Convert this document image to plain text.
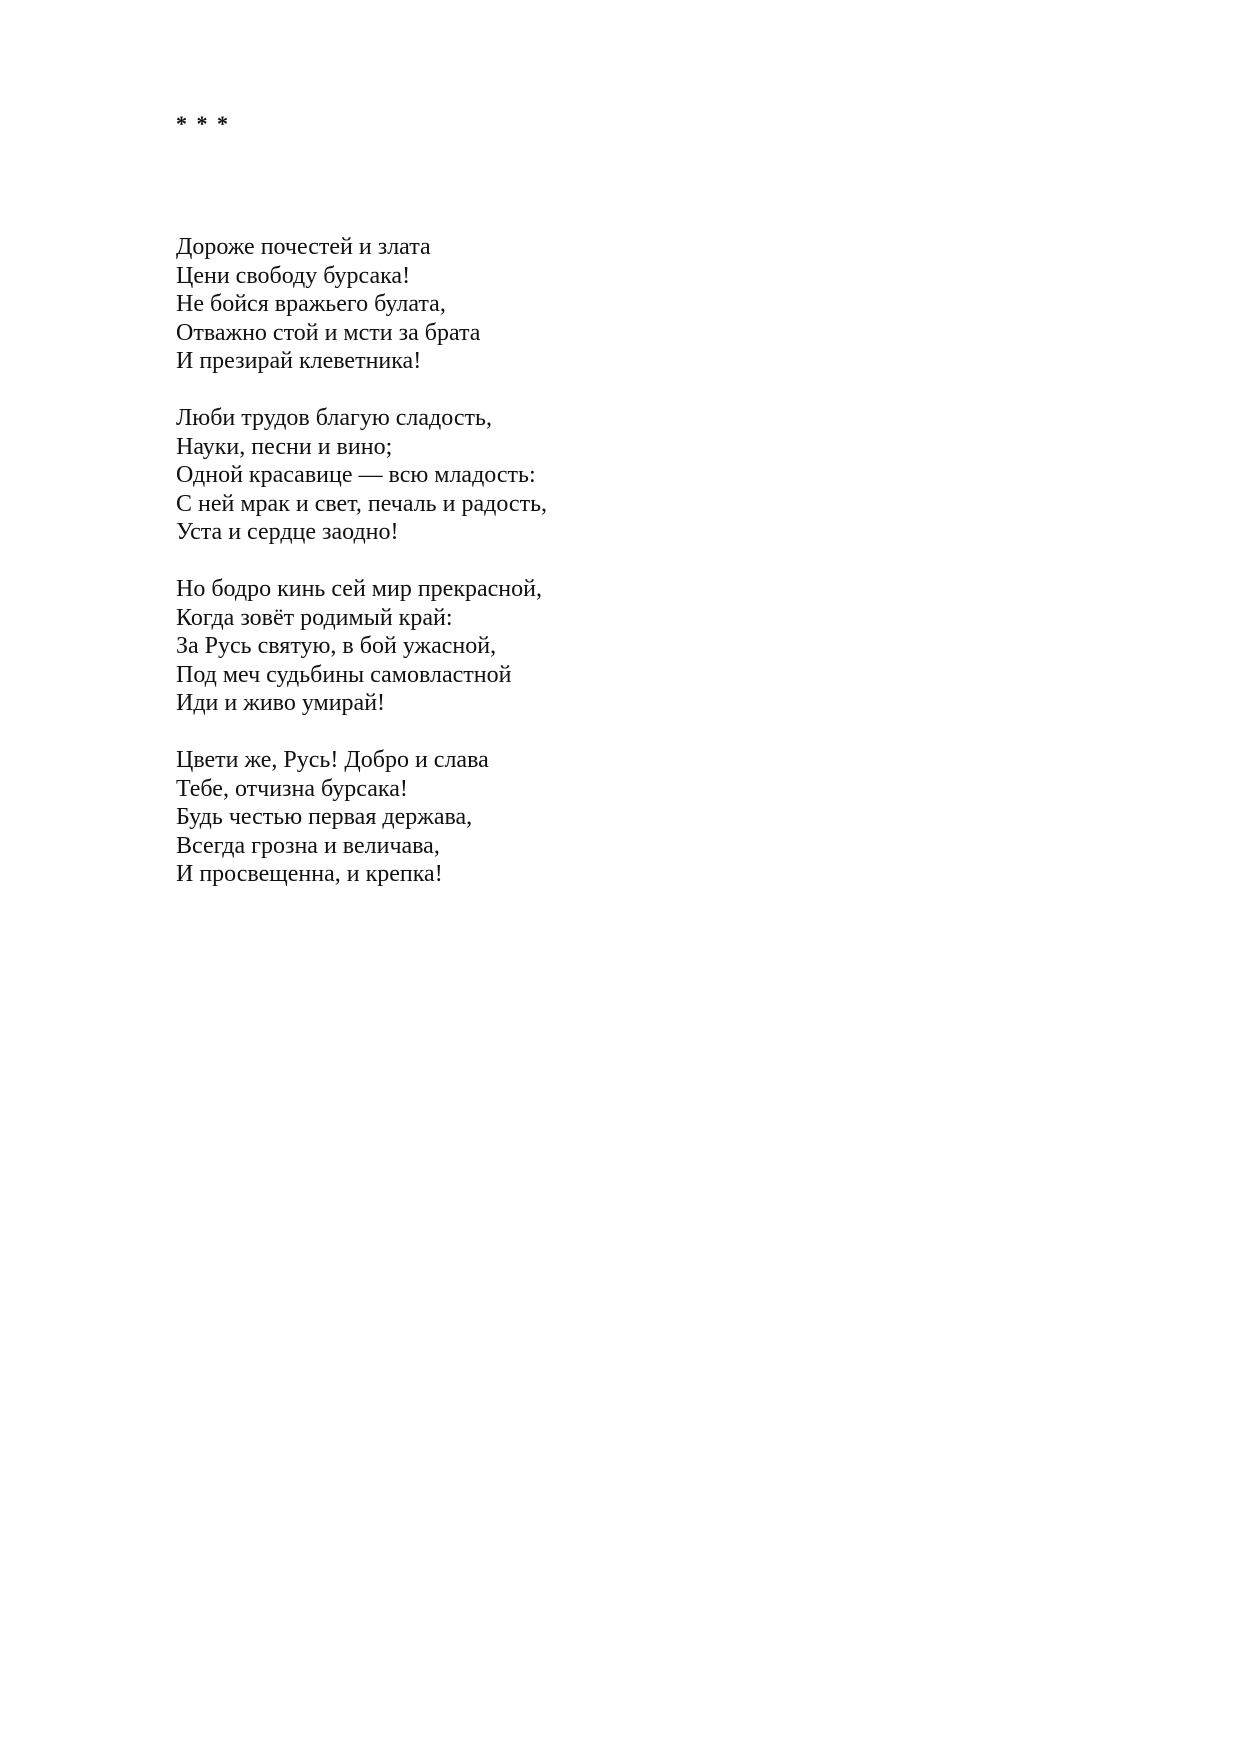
* * *
Дороже почестей и злата
Цени свободу бурсака!
Не бойся вражьего булата,
Отважно стой и мсти за брата
И презирай клеветника!
Люби трудов благую сладость,
Науки, песни и вино;
Одной красавице — всю младость:
С ней мрак и свет, печаль и радость,
Уста и сердце заодно!
Но бодро кинь сей мир прекрасной,
Когда зовёт родимый край:
За Русь святую, в бой ужасной,
Под меч судьбины самовластной
Иди и живо умирай!
Цвети же, Русь! Добро и слава
Тебе, отчизна бурсака!
Будь честью первая держава,
Всегда грозна и величава,
И просвещенна, и крепка!
